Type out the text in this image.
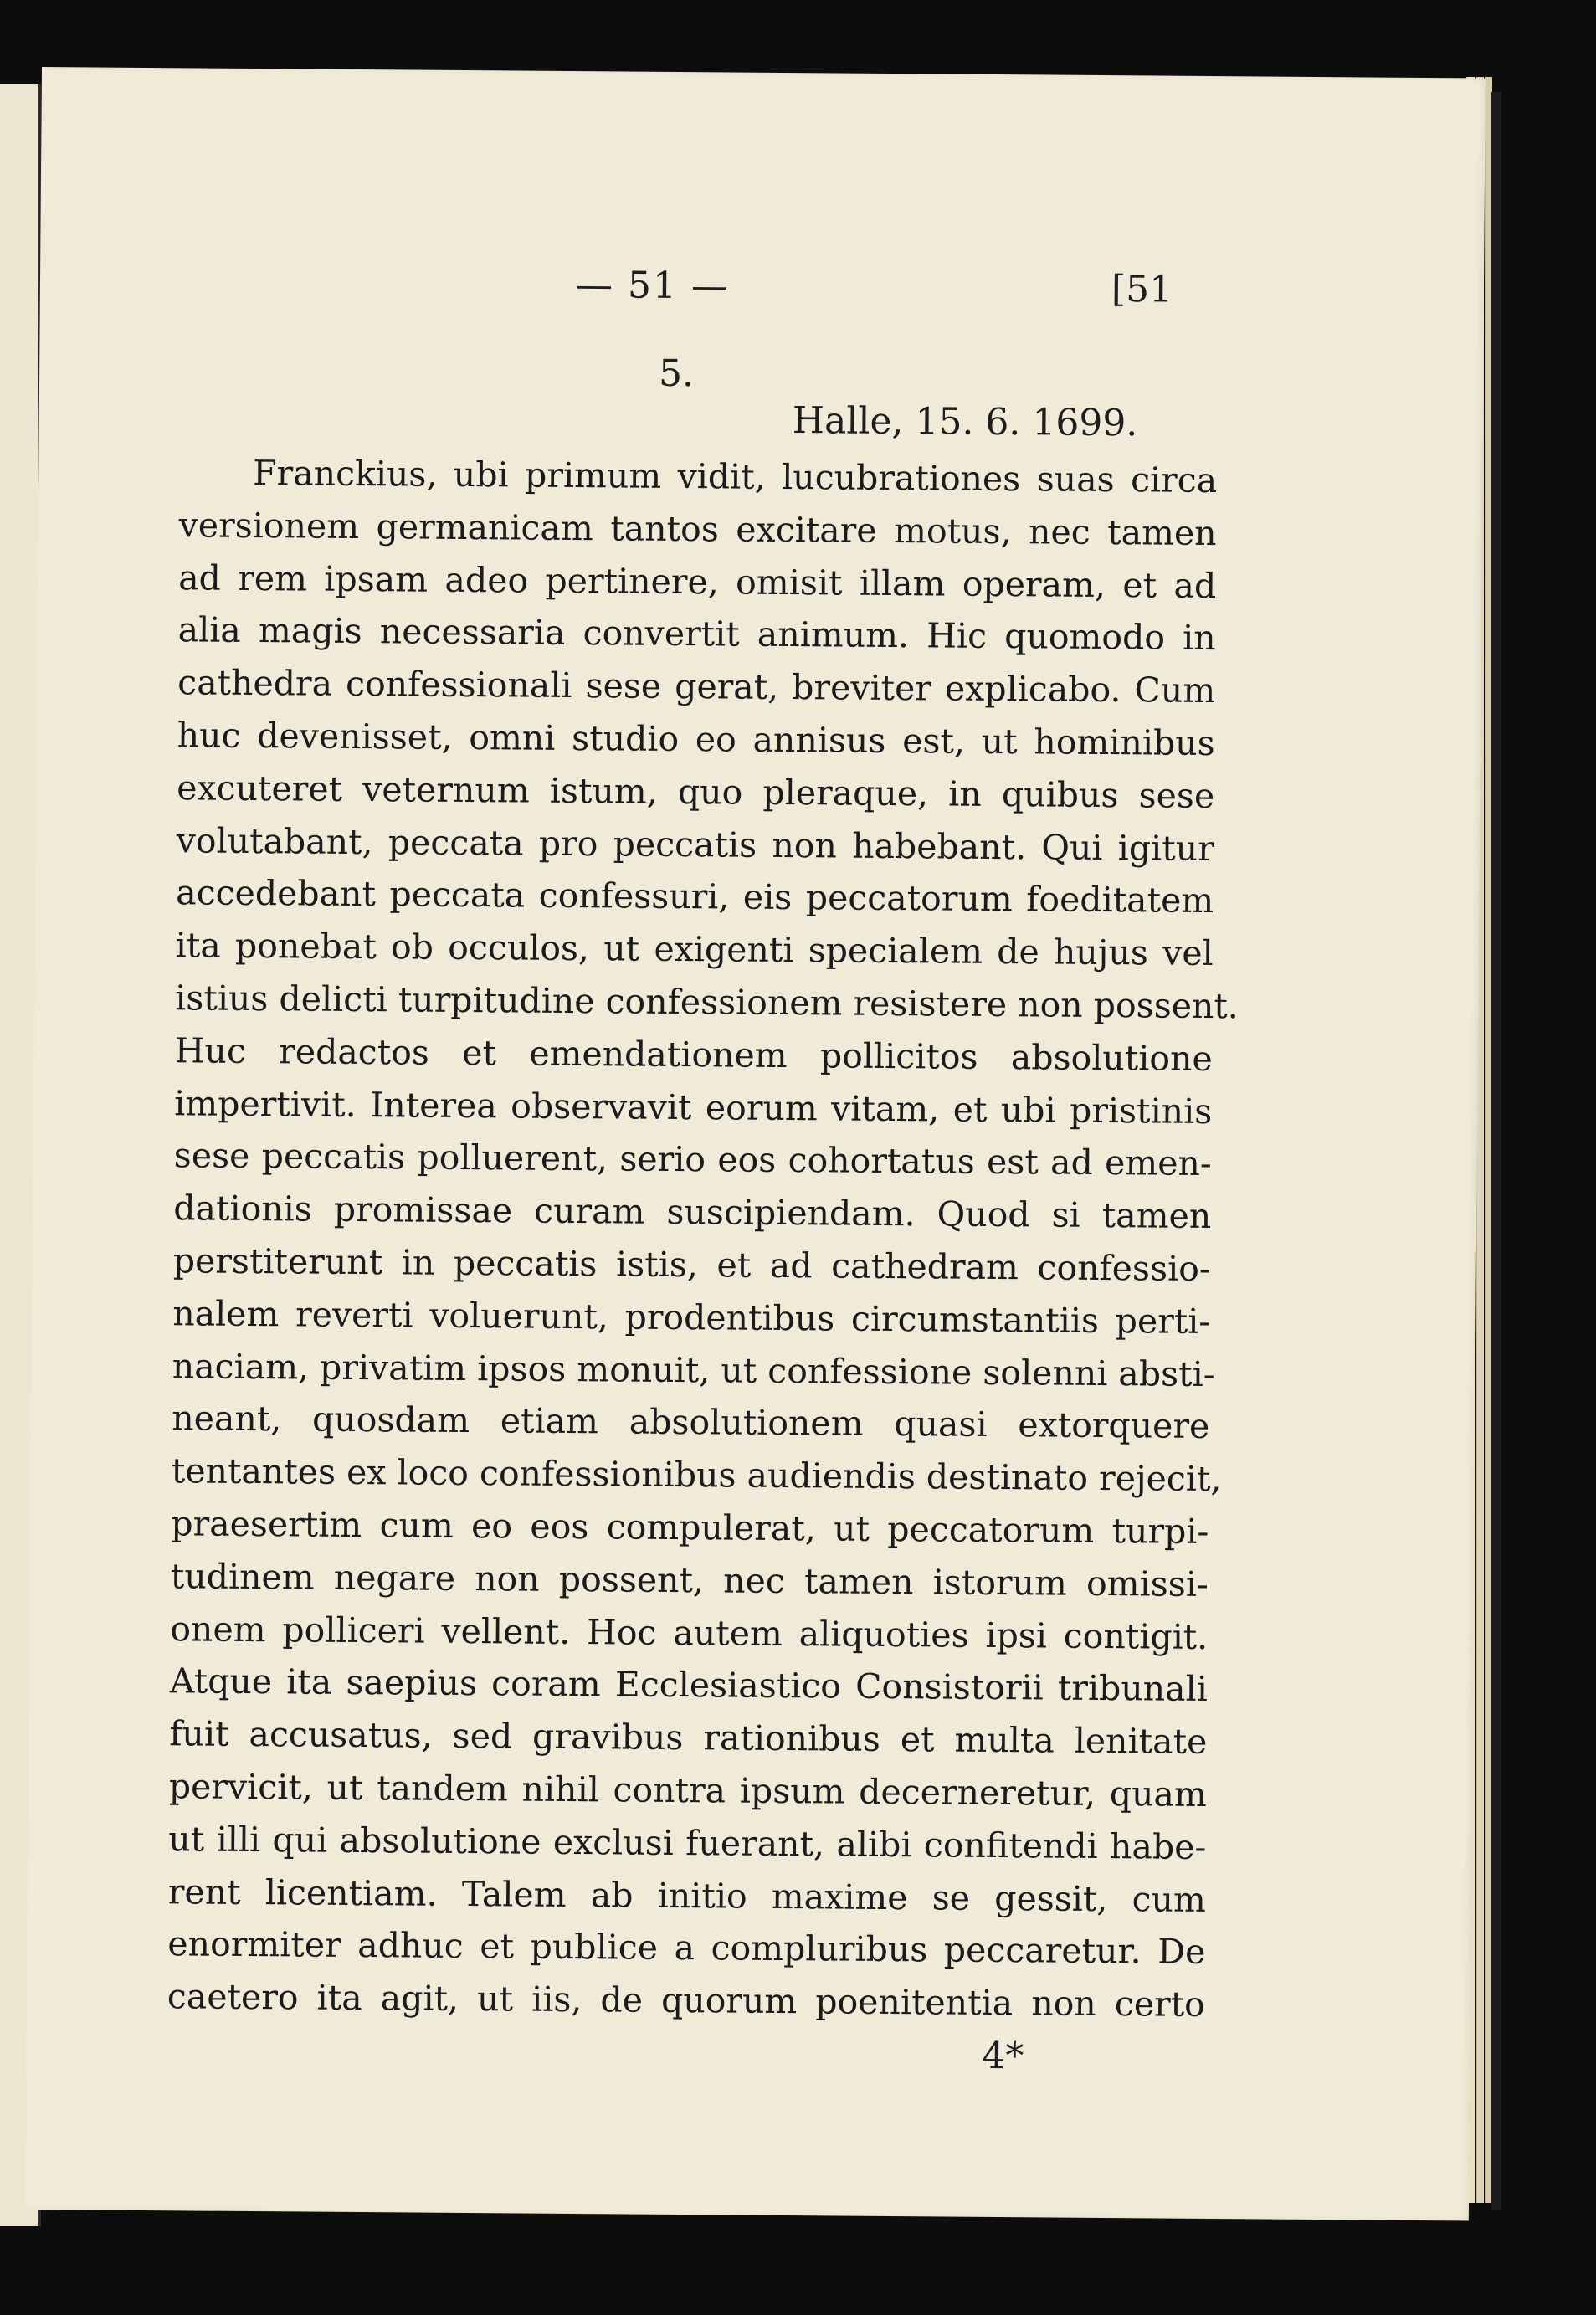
— 51 —	[51
5.
Halle, 15. 6. 1699.
Franckius, ubi primum vidit, lucubrationes suas circa
versionem germanicam tantos excitare motus, nec tamen
ad rem ipsam adeo pertinere, omisit illam operam, et ad
alia magis necessaria convertit animum. Hic quomodo in
cathedra confessionali sese gerat, breviter explicabo. Cum
huc devenisset, omni studio eo annisus est, ut hominibus
excuteret veternum istum, quo pleraque, in quibus sese
volutabant, peccata pro peccatis non habebant. Qui igitur
accedebant peccata confessuri, eis peccatorum foeditatem
ita ponebat ob occulos, ut exigenti specialem de hujus vel
istius delicti turpitudine confessionem resistere non possent.
Huc redactos et emendationem pollicitos absolutione
impertivit. Interea observavit eorum vitam, et ubi pristinis
sese peccatis polluerent, serio eos cohortatus est ad emen-
dationis promissae curam suscipiendam. Quod si tamen
perstiterunt in peccatis istis, et ad cathedram confessio-
nalem reverti voluerunt, prodentibus circumstantiis perti-
naciam, privatim ipsos monuit, ut confessione solenni absti-
neant, quosdam etiam absolutionem quasi extorquere
tentantes ex loco confessionibus audiendis destinato rejecit,
praesertim cum eo eos compulerat, ut peccatorum turpi-
tudinem negare non possent, nec tamen istorum omissi-
onem polliceri vellent. Hoc autem aliquoties ipsi contigit.
Atque ita saepius coram Ecclesiastico Consistorii tribunali
fuit accusatus, sed gravibus rationibus et multa lenitate
pervicit, ut tandem nihil contra ipsum decerneretur, quam
ut illi qui absolutione exclusi fuerant, alibi confitendi habe-
rent licentiam. Talem ab initio maxime se gessit, cum
enormiter adhuc et publice a compluribus peccaretur. De
caetero ita agit, ut iis, de quorum poenitentia non certo
4*
